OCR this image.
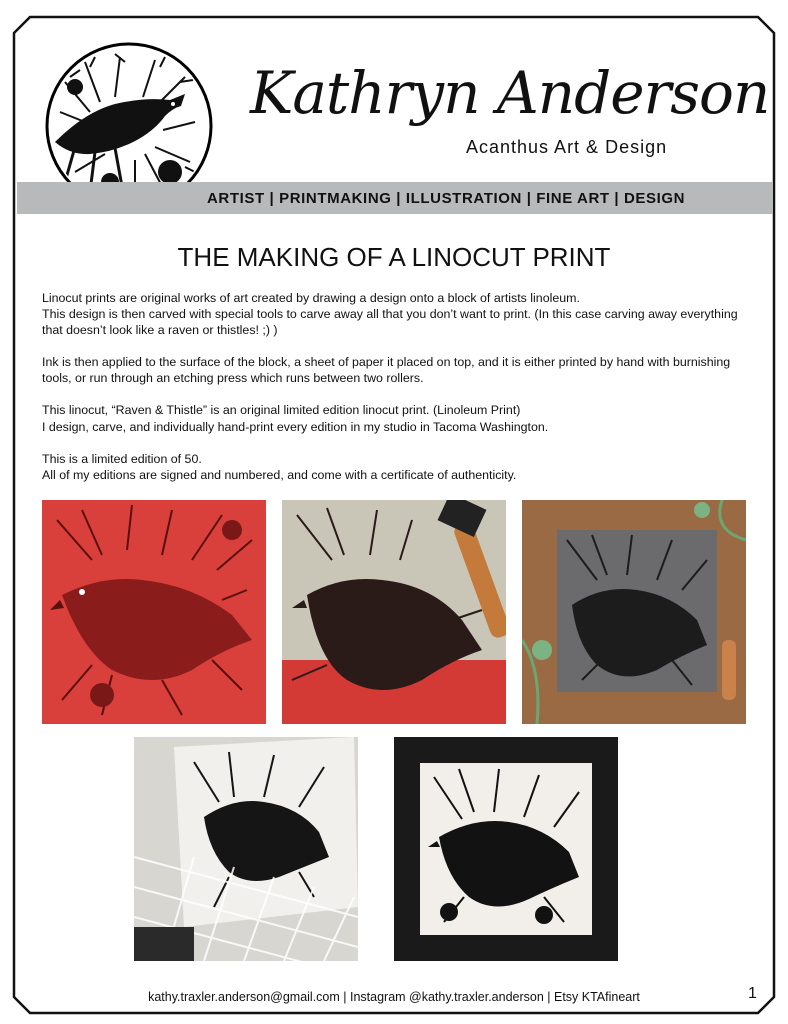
Kathryn Anderson
Acanthus Art & Design
ARTIST | PRINTMAKING | ILLUSTRATION | FINE ART | DESIGN
THE MAKING OF A LINOCUT PRINT

Linocut prints are original works of art created by drawing a design onto a block of artists linoleum.
This design is then carved with special tools to carve away all that you don’t want to print. (In this case carving away everything that doesn’t look like a raven or thistles! ;) )

Ink is then applied to the surface of the block, a sheet of paper it placed on top, and it is either printed by hand with burnishing tools, or run through an etching press which runs between two rollers.

This linocut, “Raven & Thistle” is an original limited edition linocut print. (Linoleum Print)
I design, carve, and individually hand-print every edition in my studio in Tacoma Washington.

This is a limited edition of 50.
All of my editions are signed and numbered, and come with a certificate of authenticity.

kathy.traxler.anderson@gmail.com | Instagram @kathy.traxler.anderson | Etsy KTAfineart	1
